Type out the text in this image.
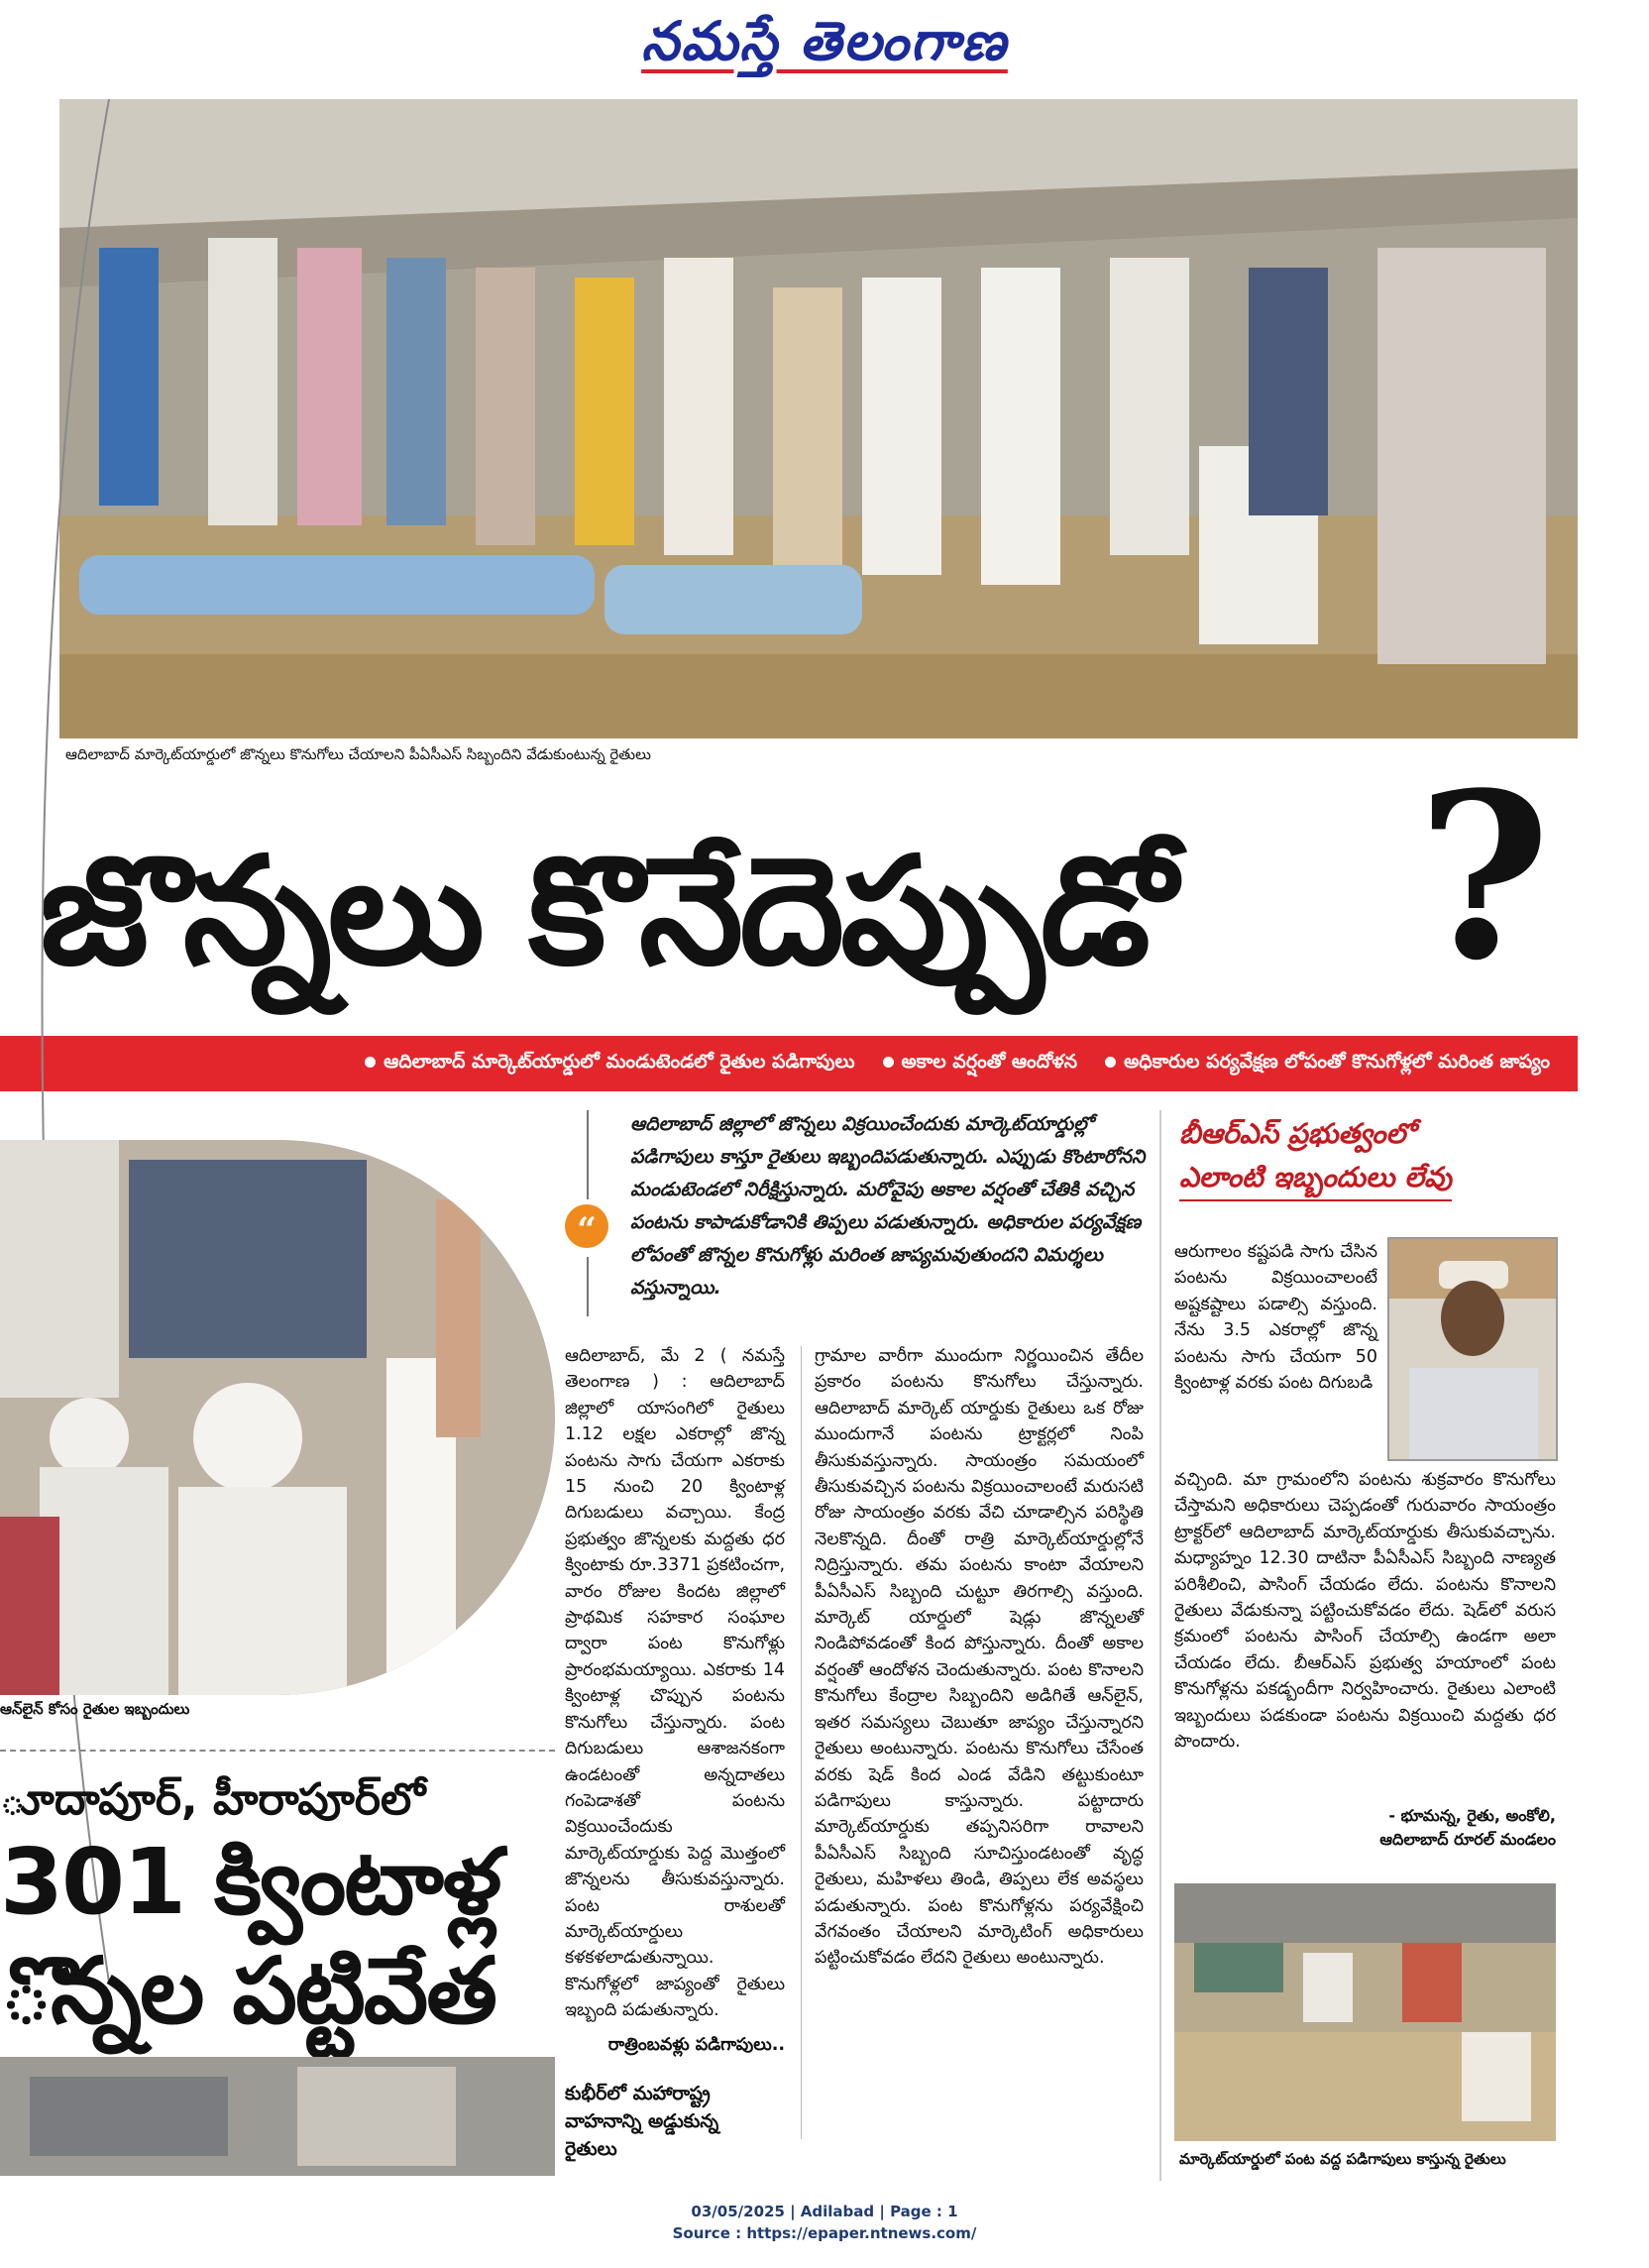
నమస్తే తెలంగాణ
ఆదిలాబాద్ మార్కెట్‌యార్డులో జొన్నలు కొనుగోలు చేయాలని పీఏసీఎస్ సిబ్బందిని వేడుకుంటున్న రైతులు
జొన్నలు కొనేదెప్పుడో ?
ఆదిలాబాద్ మార్కెట్‌యార్డులో మండుటెండలో రైతుల పడిగాపులు	అకాల వర్షంతో ఆందోళన	అధికారుల పర్యవేక్షణ లోపంతో కొనుగోళ్లలో మరింత జాప్యం
ఆన్‌లైన్ కోసం రైతుల ఇబ్బందులు
“
ఆదిలాబాద్ జిల్లాలో జొన్నలు విక్రయించేందుకు మార్కెట్‌యార్డుల్లో పడిగాపులు కాస్తూ రైతులు ఇబ్బందిపడుతున్నారు. ఎప్పుడు కొంటారోనని మండుటెండలో నిరీక్షిస్తున్నారు. మరోవైపు అకాల వర్షంతో చేతికి వచ్చిన పంటను కాపాడుకోడానికి తిప్పలు పడుతున్నారు. అధికారుల పర్యవేక్షణ లోపంతో జొన్నల కొనుగోళ్లు మరింత జాప్యమవుతుందని విమర్శలు వస్తున్నాయి.

ఆదిలాబాద్, మే 2 ( నమస్తే తెలంగాణ ) : ఆదిలాబాద్ జిల్లాలో యాసంగిలో రైతులు 1.12 లక్షల ఎకరాల్లో జొన్న పంటను సాగు చేయగా ఎకరాకు 15 నుంచి 20 క్వింటాళ్ల దిగుబడులు వచ్చాయి. కేంద్ర ప్రభుత్వం జొన్నలకు మద్దతు ధర క్వింటాకు రూ.3371 ప్రకటించగా, వారం రోజుల కిందట జిల్లాలో ప్రాథమిక సహకార సంఘాల ద్వారా పంట కొనుగోళ్లు ప్రారంభమయ్యాయి. ఎకరాకు 14 క్వింటాళ్ల చొప్పున పంటను కొనుగోలు చేస్తున్నారు. పంట దిగుబడులు ఆశాజనకంగా ఉండటంతో అన్నదాతలు గంపెడాశతో పంటను విక్రయించేందుకు మార్కెట్‌యార్డుకు పెద్ద మొత్తంలో జొన్నలను తీసుకువస్తున్నారు. పంట రాశులతో మార్కెట్‌యార్డులు కళకళలాడుతున్నాయి. కొనుగోళ్లలో జాప్యంతో రైతులు ఇబ్బంది పడుతున్నారు.

రాత్రింబవళ్లు పడిగాపులు..

గ్రామాల వారీగా ముందుగా నిర్ణయించిన తేదీల ప్రకారం పంటను కొనుగోలు చేస్తున్నారు. ఆదిలాబాద్ మార్కెట్ యార్డుకు రైతులు ఒక రోజు ముందుగానే పంటను ట్రాక్టర్లలో నింపి తీసుకువస్తున్నారు. సాయంత్రం సమయంలో తీసుకువచ్చిన పంటను విక్రయించాలంటే మరుసటి రోజు సాయంత్రం వరకు వేచి చూడాల్సిన పరిస్థితి నెలకొన్నది. దీంతో రాత్రి మార్కెట్‌యార్డుల్లోనే నిద్రిస్తున్నారు. తమ పంటను కాంటా వేయాలని పీఏసీఎస్ సిబ్బంది చుట్టూ తిరగాల్సి వస్తుంది. మార్కెట్ యార్డులో షెడ్లు జొన్నలతో నిండిపోవడంతో కింద పోస్తున్నారు. దీంతో అకాల వర్షంతో ఆందోళన చెందుతున్నారు. పంట కొనాలని కొనుగోలు కేంద్రాల సిబ్బందిని అడిగితే ఆన్‌లైన్, ఇతర సమస్యలు చెబుతూ జాప్యం చేస్తున్నారని రైతులు అంటున్నారు. పంటను కొనుగోలు చేసేంత వరకు షెడ్ కింద ఎండ వేడిని తట్టుకుంటూ పడిగాపులు కాస్తున్నారు. పట్టాదారు మార్కెట్‌యార్డుకు తప్పనిసరిగా రావాలని పీఏసీఎస్ సిబ్బంది సూచిస్తుండటంతో వృద్ధ రైతులు, మహిళలు తిండి, తిప్పలు లేక అవస్థలు పడుతున్నారు. పంట కొనుగోళ్లను పర్యవేక్షించి వేగవంతం చేయాలని మార్కెటింగ్ అధికారులు పట్టించుకోవడం లేదని రైతులు అంటున్నారు.

బీఆర్‌ఎస్ ప్రభుత్వంలో
ఎలాంటి ఇబ్బందులు లేవు
ఆరుగాలం కష్టపడి సాగు చేసిన పంటను విక్రయించాలంటే అష్టకష్టాలు పడాల్సి వస్తుంది. నేను 3.5 ఎకరాల్లో జొన్న పంటను సాగు చేయగా 50 క్వింటాళ్ల వరకు పంట దిగుబడి
వచ్చింది. మా గ్రామంలోని పంటను శుక్రవారం కొనుగోలు చేస్తామని అధికారులు చెప్పడంతో గురువారం సాయంత్రం ట్రాక్టర్‌లో ఆదిలాబాద్ మార్కెట్‌యార్డుకు తీసుకువచ్చాను. మధ్యాహ్నం 12.30 దాటినా పీఏసీఎస్ సిబ్బంది నాణ్యత పరిశీలించి, పాసింగ్ చేయడం లేదు. పంటను కొనాలని రైతులు వేడుకున్నా పట్టించుకోవడం లేదు. షెడ్‌లో వరుస క్రమంలో పంటను పాసింగ్ చేయాల్సి ఉండగా అలా చేయడం లేదు. బీఆర్‌ఎస్ ప్రభుత్వ హయాంలో పంట కొనుగోళ్లను పకడ్బందీగా నిర్వహించారు. రైతులు ఎలాంటి ఇబ్బందులు పడకుండా పంటను విక్రయించి మద్దతు ధర పొందారు.
- భూమన్న, రైతు, అంకోలి,
ఆదిలాబాద్ రూరల్ మండలం
మార్కెట్‌యార్డులో పంట వద్ద పడిగాపులు కాస్తున్న రైతులు
ూదాపూర్, హీరాపూర్‌లో
301 క్వింటాళ్ల
ొన్నల పట్టివేత
కుభీర్‌లో మహారాష్ట్ర వాహనాన్ని అడ్డుకున్న రైతులు
03/05/2025 | Adilabad | Page : 1
Source : https://epaper.ntnews.com/
